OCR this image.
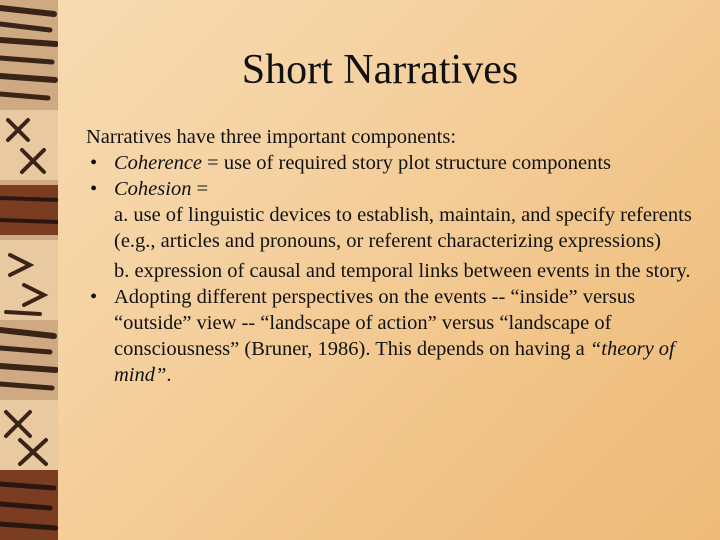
Short Narratives

Narratives have three important components:

• Coherence = use of required story plot structure components
• Cohesion =
a. use of linguistic devices to establish, maintain, and specify referents (e.g., articles and pronouns, or referent characterizing expressions)
b. expression of causal and temporal links between events in the story.
• Adopting different perspectives on the events -- “inside” versus “outside” view -- “landscape of action” versus “landscape of consciousness” (Bruner, 1986). This depends on having a “theory of mind”.
